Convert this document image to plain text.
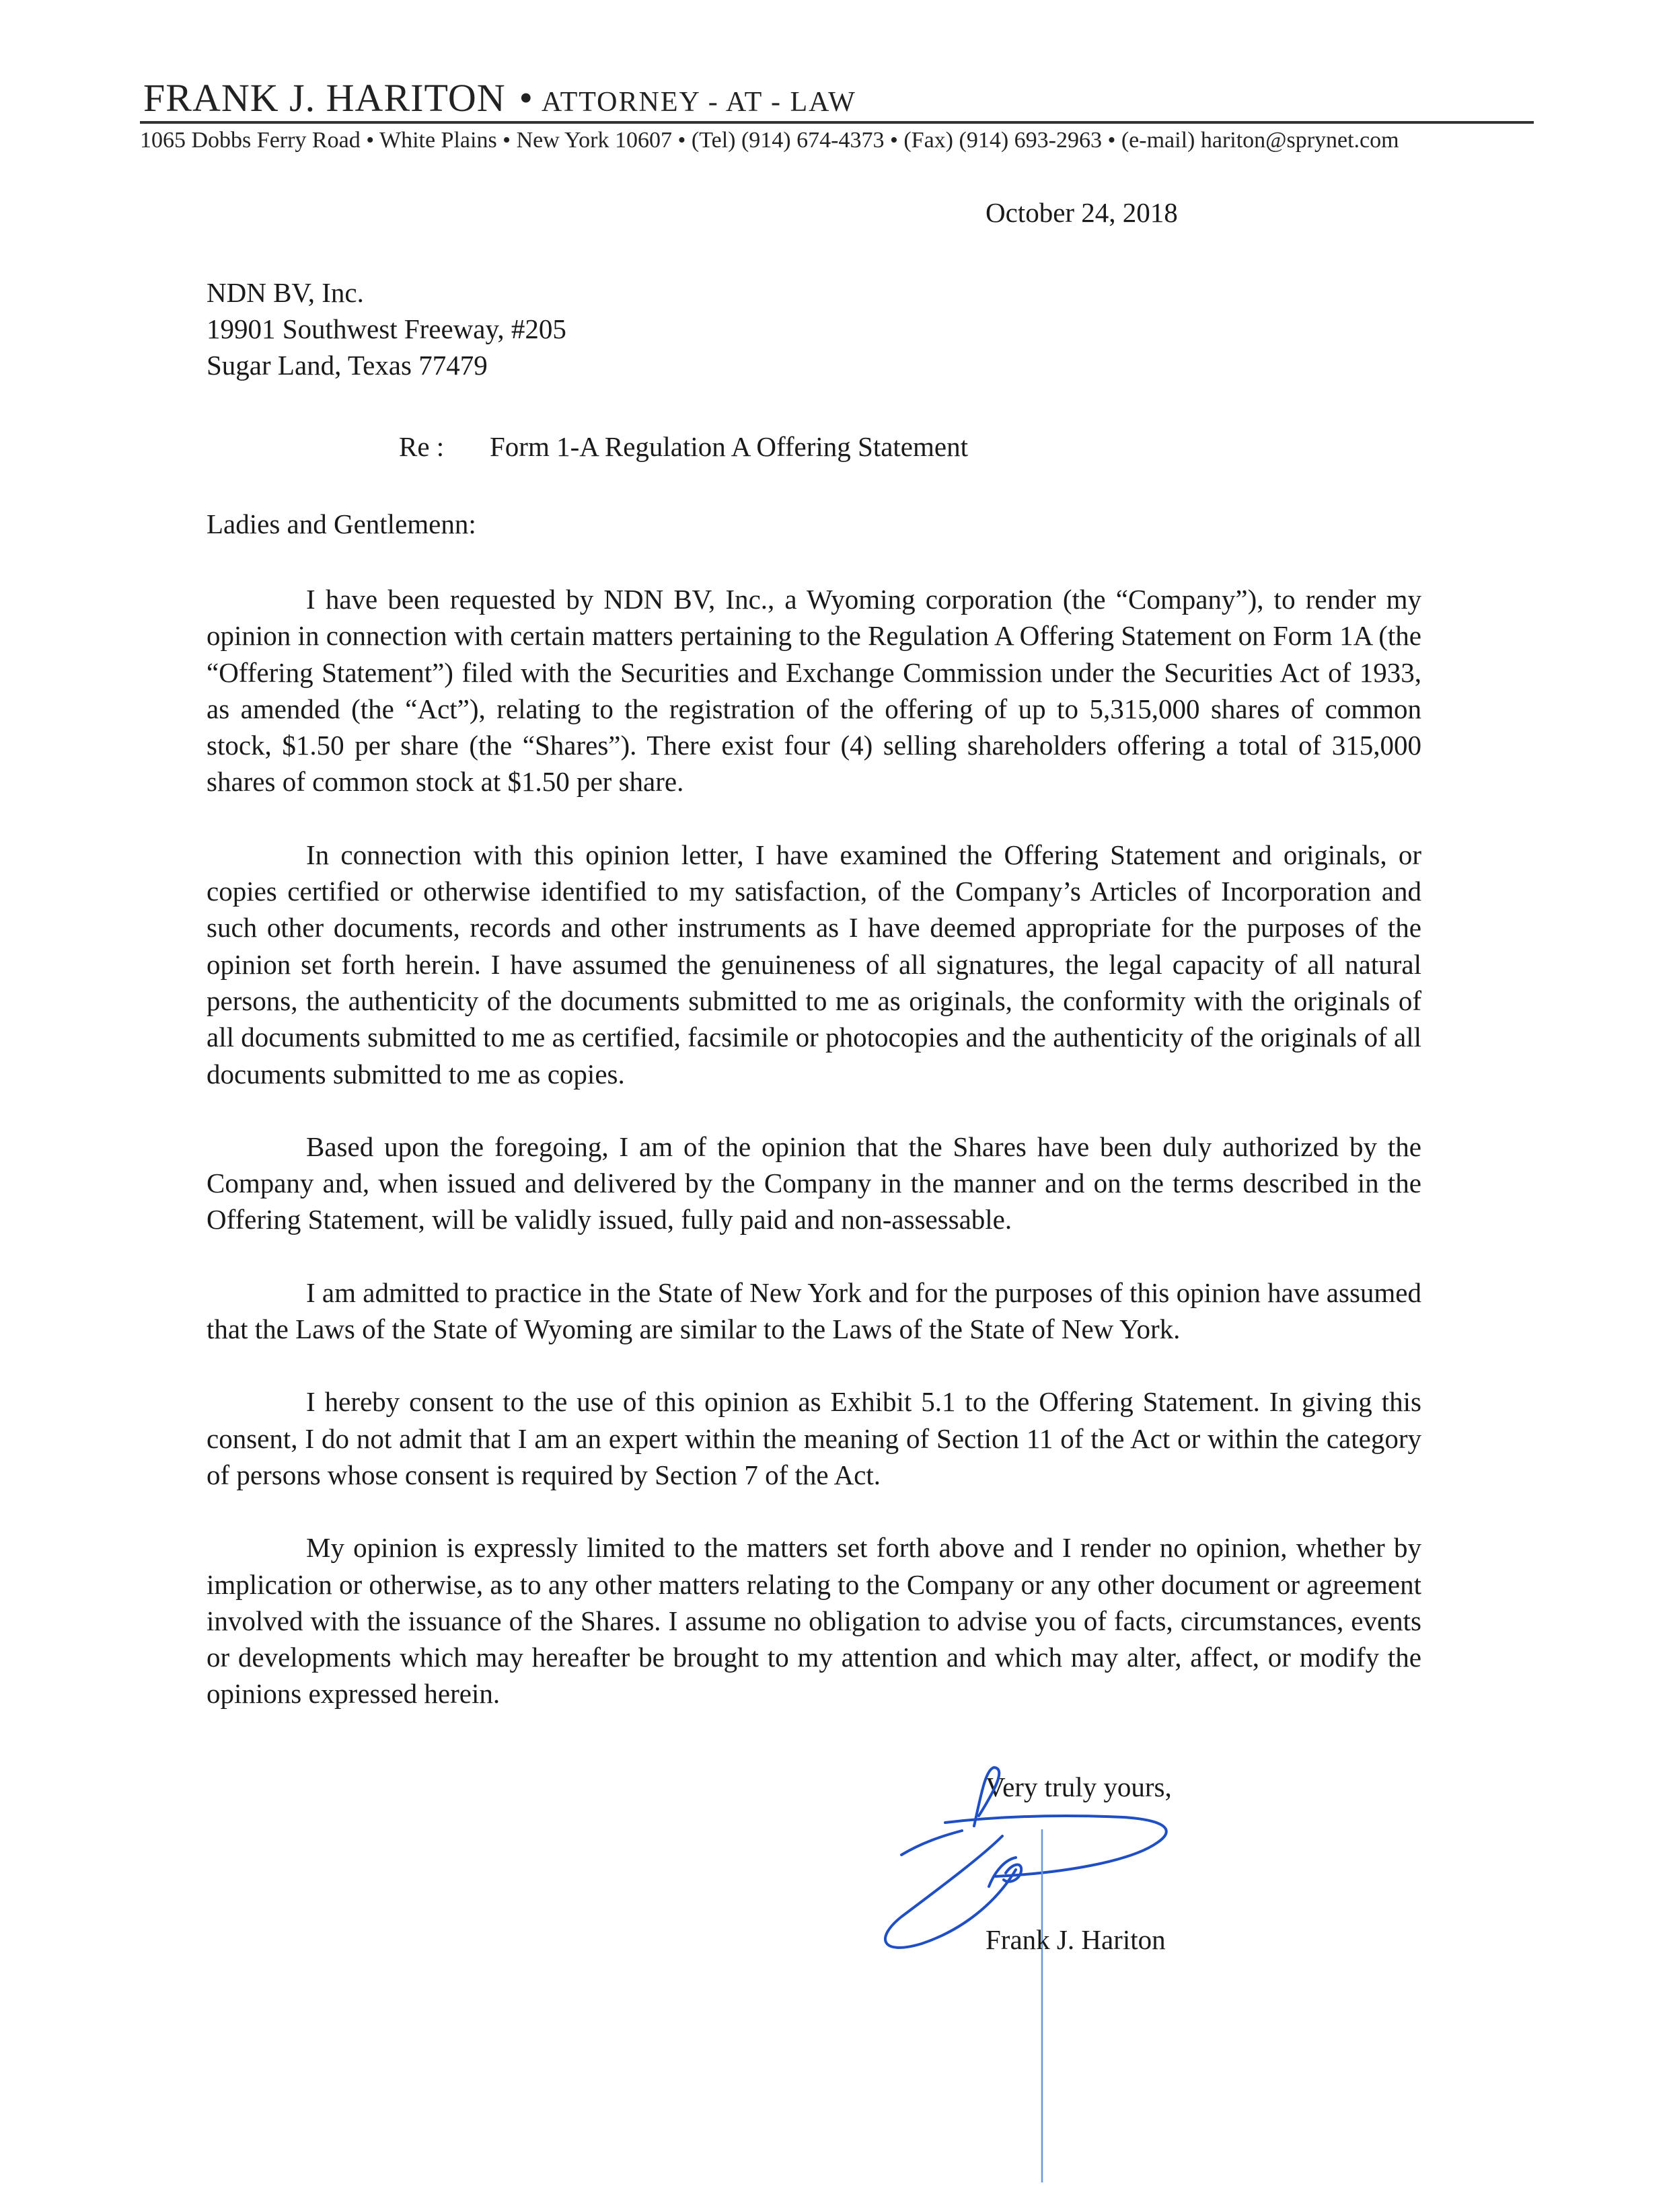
FRANK J. HARITON • ATTORNEY - AT - LAW
1065 Dobbs Ferry Road • White Plains • New York 10607 • (Tel) (914) 674-4373 • (Fax) (914) 693-2963 • (e-mail) hariton@sprynet.com
October 24, 2018
NDN BV, Inc.
19901 Southwest Freeway, #205
Sugar Land, Texas 77479
Re : Form 1-A Regulation A Offering Statement
Ladies and Gentlemenn:

I have been requested by NDN BV, Inc., a Wyoming corporation (the “Company”), to render my opinion in connection with certain matters pertaining to the Regulation A Offering Statement on Form 1A (the “Offering Statement”) filed with the Securities and Exchange Commission under the Securities Act of 1933, as amended (the “Act”), relating to the registration of the offering of up to 5,315,000 shares of common stock, $1.50 per share (the “Shares”). There exist four (4) selling shareholders offering a total of 315,000 shares of common stock at $1.50 per share.

In connection with this opinion letter, I have examined the Offering Statement and originals, or copies certified or otherwise identified to my satisfaction, of the Company’s Articles of Incorporation and such other documents, records and other instruments as I have deemed appropriate for the purposes of the opinion set forth herein. I have assumed the genuineness of all signatures, the legal capacity of all natural persons, the authenticity of the documents submitted to me as originals, the conformity with the originals of all documents submitted to me as certified, facsimile or photocopies and the authenticity of the originals of all documents submitted to me as copies.

Based upon the foregoing, I am of the opinion that the Shares have been duly authorized by the Company and, when issued and delivered by the Company in the manner and on the terms described in the Offering Statement, will be validly issued, fully paid and non-assessable.

I am admitted to practice in the State of New York and for the purposes of this opinion have assumed that the Laws of the State of Wyoming are similar to the Laws of the State of New York.

I hereby consent to the use of this opinion as Exhibit 5.1 to the Offering Statement. In giving this consent, I do not admit that I am an expert within the meaning of Section 11 of the Act or within the category of persons whose consent is required by Section 7 of the Act.

My opinion is expressly limited to the matters set forth above and I render no opinion, whether by implication or otherwise, as to any other matters relating to the Company or any other document or agreement involved with the issuance of the Shares. I assume no obligation to advise you of facts, circumstances, events or developments which may hereafter be brought to my attention and which may alter, affect, or modify the opinions expressed herein.

Very truly yours,
Frank J. Hariton
